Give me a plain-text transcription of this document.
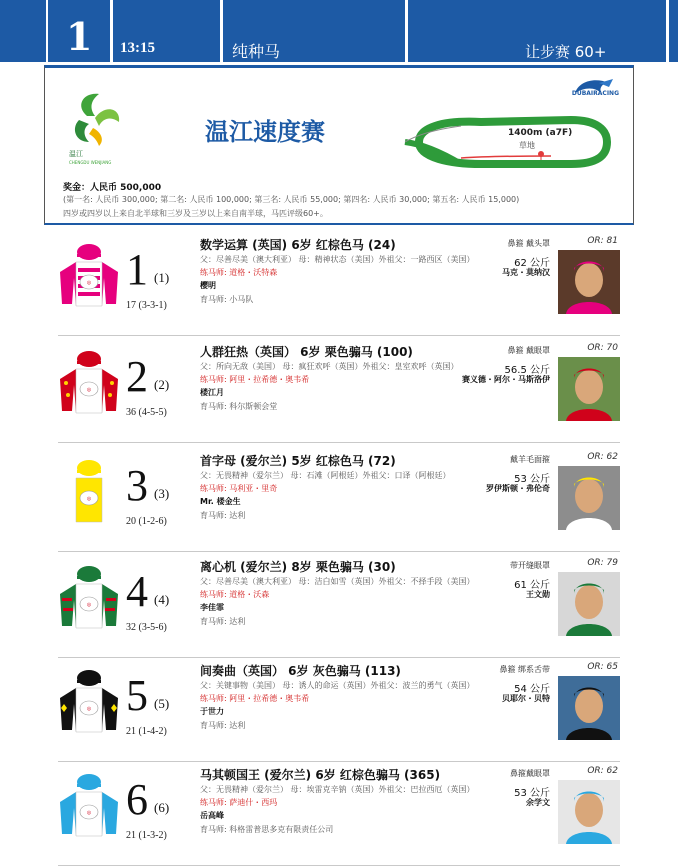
1 13:15	纯种马	让步赛 60+
温江
CHENGDU WENJIANG
DUBAIRACING
温江速度赛	1400m (a7F)
草地
奖金：人民币 500,000
(第一名: 人民币 300,000; 第二名: 人民币 100,000; 第三名: 人民币 55,000; 第四名: 人民币 30,000; 第五名: 人民币 15,000)
四岁或四岁以上来自北半球和三岁及三岁以上来自南半球，马匹评级60+。
◎ 1 (1)
17 (3-3-1)
数学运算 (英国) 6岁 红棕色马 (24)
父：尽善尽美（澳大利亚） 母：精神状态（美国）外祖父：一路西区（美国）
练马师: 道格・沃特森
樱明
育马师: 小马队
鼻箍 戴头罩
62 公斤
马克・莫纳汉
OR: 81
◎ 2 (2)
36 (4-5-5)
人群狂热（英国） 6岁 栗色骟马 (100)
父：所向无敌（美国） 母：疯狂欢呼（英国）外祖父：皇室欢呼（英国）
练马师: 阿里・拉希德・奥韦希
楼江月
育马师: 科尔斯顿会堂
鼻箍 戴眼罩
56.5 公斤
赛义德・阿尔・马斯洛伊
OR: 70
◎ 3 (3)
20 (1-2-6)
首字母 (爱尔兰) 5岁 红棕色马 (72)
父：无畏精神（爱尔兰） 母：石滩（阿根廷）外祖父：口译（阿根廷）
练马师: 马利亚・里奇
Mr. 楼金生
育马师: 达利
戴羊毛面箍
53 公斤
罗伊斯顿・弗伦奇
OR: 62
◎ 4 (4)
32 (3-5-6)
离心机 (爱尔兰) 8岁 栗色骟马 (30)
父：尽善尽美（澳大利亚） 母：洁白如雪（英国）外祖父：不择手段（美国）
练马师: 道格・沃森
李佳霏
育马师: 达利
带开缝眼罩
61 公斤
王文勋
OR: 79
◎ 5 (5)
21 (1-4-2)
间奏曲（英国） 6岁 灰色骟马 (113)
父：关键事物（美国） 母：诱人的命运（英国）外祖父：波兰的勇气（英国）
练马师: 阿里・拉希德・奥韦希
于世力
育马师: 达利
鼻箍 绑系舌带
54 公斤
贝耶尔・贝特
OR: 65
◎ 6 (6)
21 (1-3-2)
马其顿国王 (爱尔兰) 6岁 红棕色骟马 (365)
父：无畏精神（爱尔兰） 母：埃雷克辛钠（英国）外祖父：巴拉西厄（英国）
练马师: 萨迪什・西玛
岳高峰
育马师: 科格雷普思多克有限责任公司
鼻箍戴眼罩
53 公斤
余学文
OR: 62
